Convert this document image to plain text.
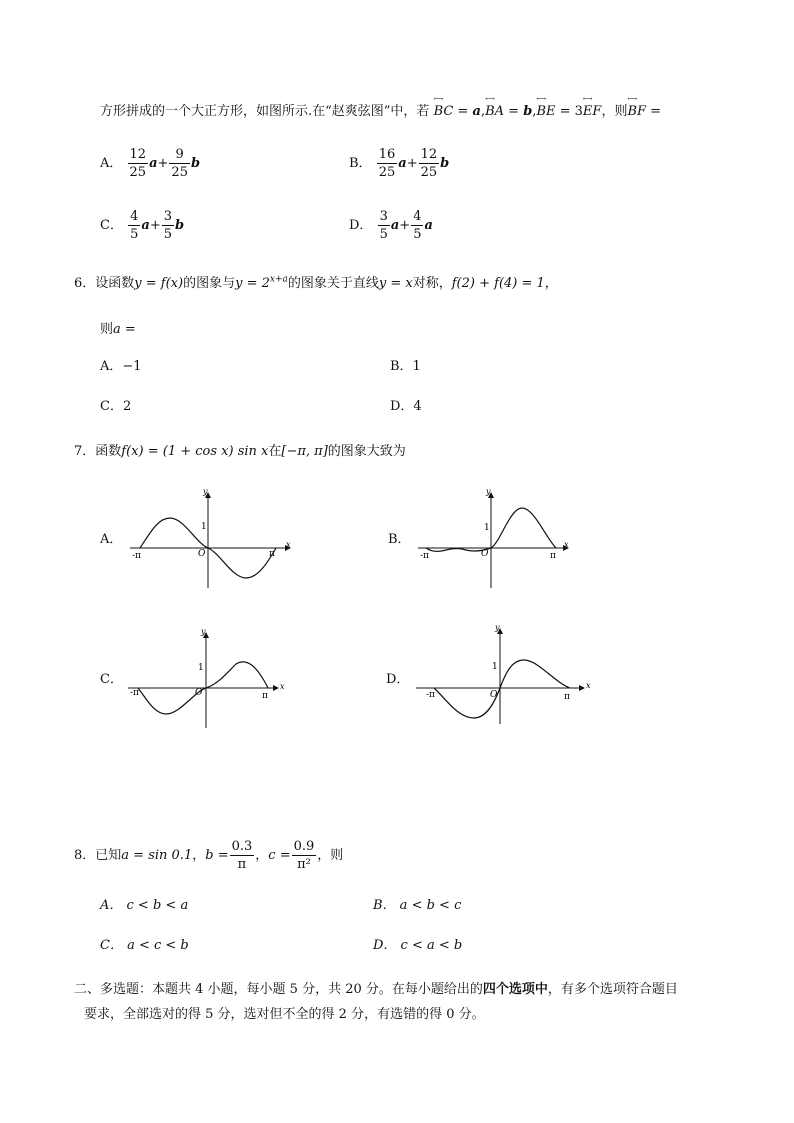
方形拼成的一个大正方形，如图所示.在“赵爽弦图”中，若 ←→ BC = a,←→ BA = b,←→ BE = 3←→ EF，则←→ BF =
A． $\frac{12}{25} a+ \frac{9}{25}$ b	B． $\frac{16}{25} a+ \frac{12}{25}$ b
C． $\frac{4}{5} a+ \frac{3}{5}$ b	D． $\frac{3}{5} a+ \frac{4}{5}$ a
6．设函数y = f(x)的图象与$y = 2^{x+a}$的图象关于直线y = x对称，f(2) + f(4) = 1，
则a =
A．−1	B．1
C．2	D．4
7．函数f(x) = (1 + cos x) sin x在[−π, π]的图象大致为
A．	B．
C．	D．
y
x
1
O
-π	π
y
x
1
O
-π	π
y
x
1
O
-π	π
y
x
1
O
-π	π
8．已知a = sin 0.1，$b = \frac{0.3}{\pi}$ ，$c = \frac{0.9}{\text{π²}}$ ，则
A． c < b < a	B． a < b < c
C． a < c < b	D． c < a < b
二、多选题：本题共 4 小题，每小题 5 分，共 20 分。在每小题给出的四个选项中，有多个选项符合题目
要求，全部选对的得 5 分，选对但不全的得 2 分，有选错的得 0 分。
